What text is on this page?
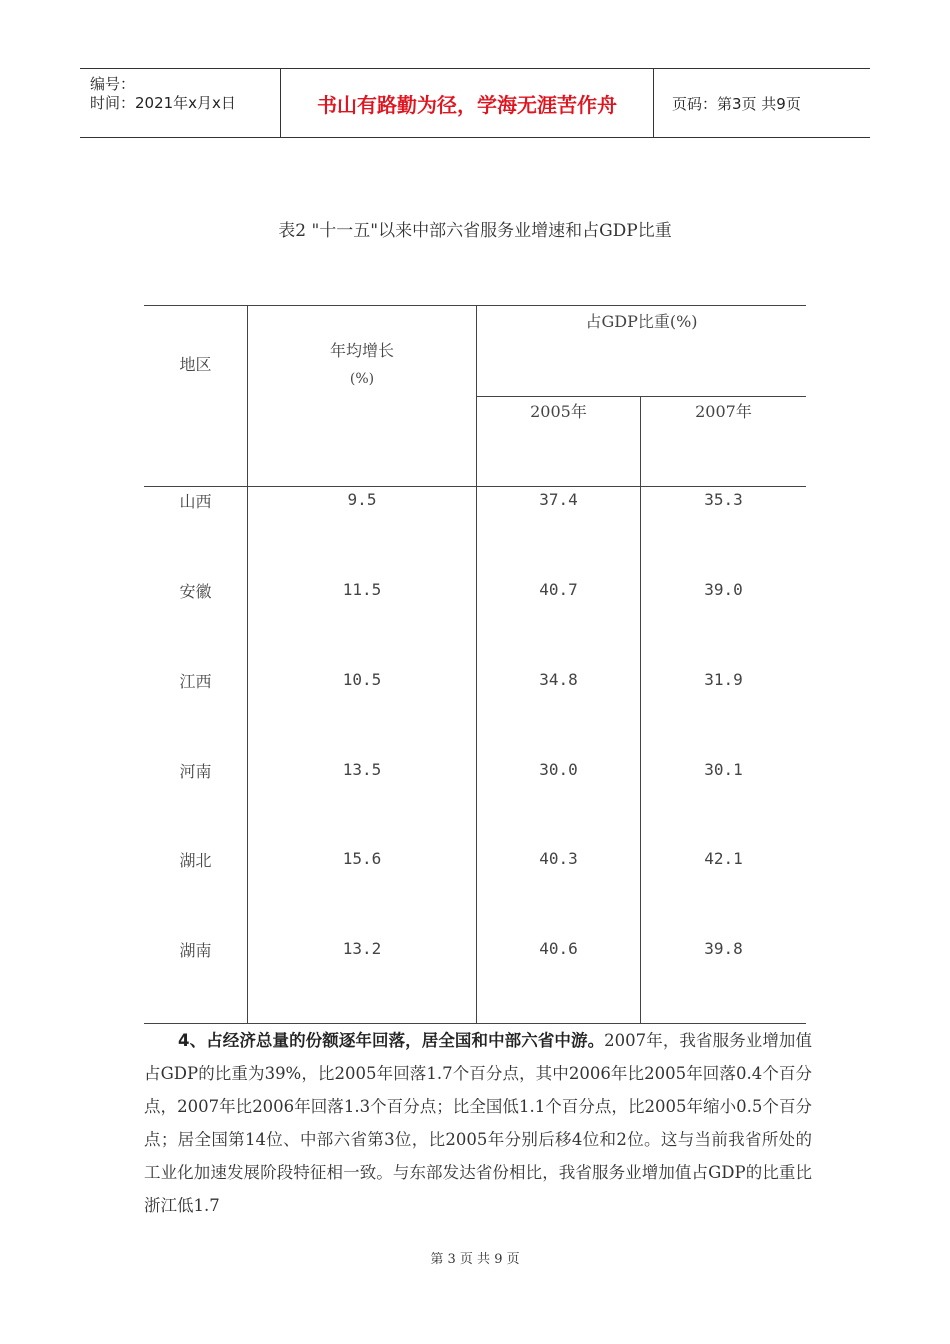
编号：
时间：2021年x月x日	书山有路勤为径，学海无涯苦作舟	页码：第3页 共9页
表2 "十一五"以来中部六省服务业增速和占GDP比重
地区
年均增长
(%)
占GDP比重(%)
2005年	2007年
山西	9.5	37.4	35.3
安徽	11.5	40.7	39.0
江西	10.5	34.8	31.9
河南	13.5	30.0	30.1
湖北	15.6	40.3	42.1
湖南	13.2	40.6	39.8
4、占经济总量的份额逐年回落，居全国和中部六省中游。2007年，我省服务业增加值占GDP的比重为39%，比2005年回落1.7个百分点，其中2006年比2005年回落0.4个百分点，2007年比2006年回落1.3个百分点；比全国低1.1个百分点，比2005年缩小0.5个百分点；居全国第14位、中部六省第3位，比2005年分别后移4位和2位。这与当前我省所处的工业化加速发展阶段特征相一致。与东部发达省份相比，我省服务业增加值占GDP的比重比浙江低1.7
第 3 页 共 9 页
